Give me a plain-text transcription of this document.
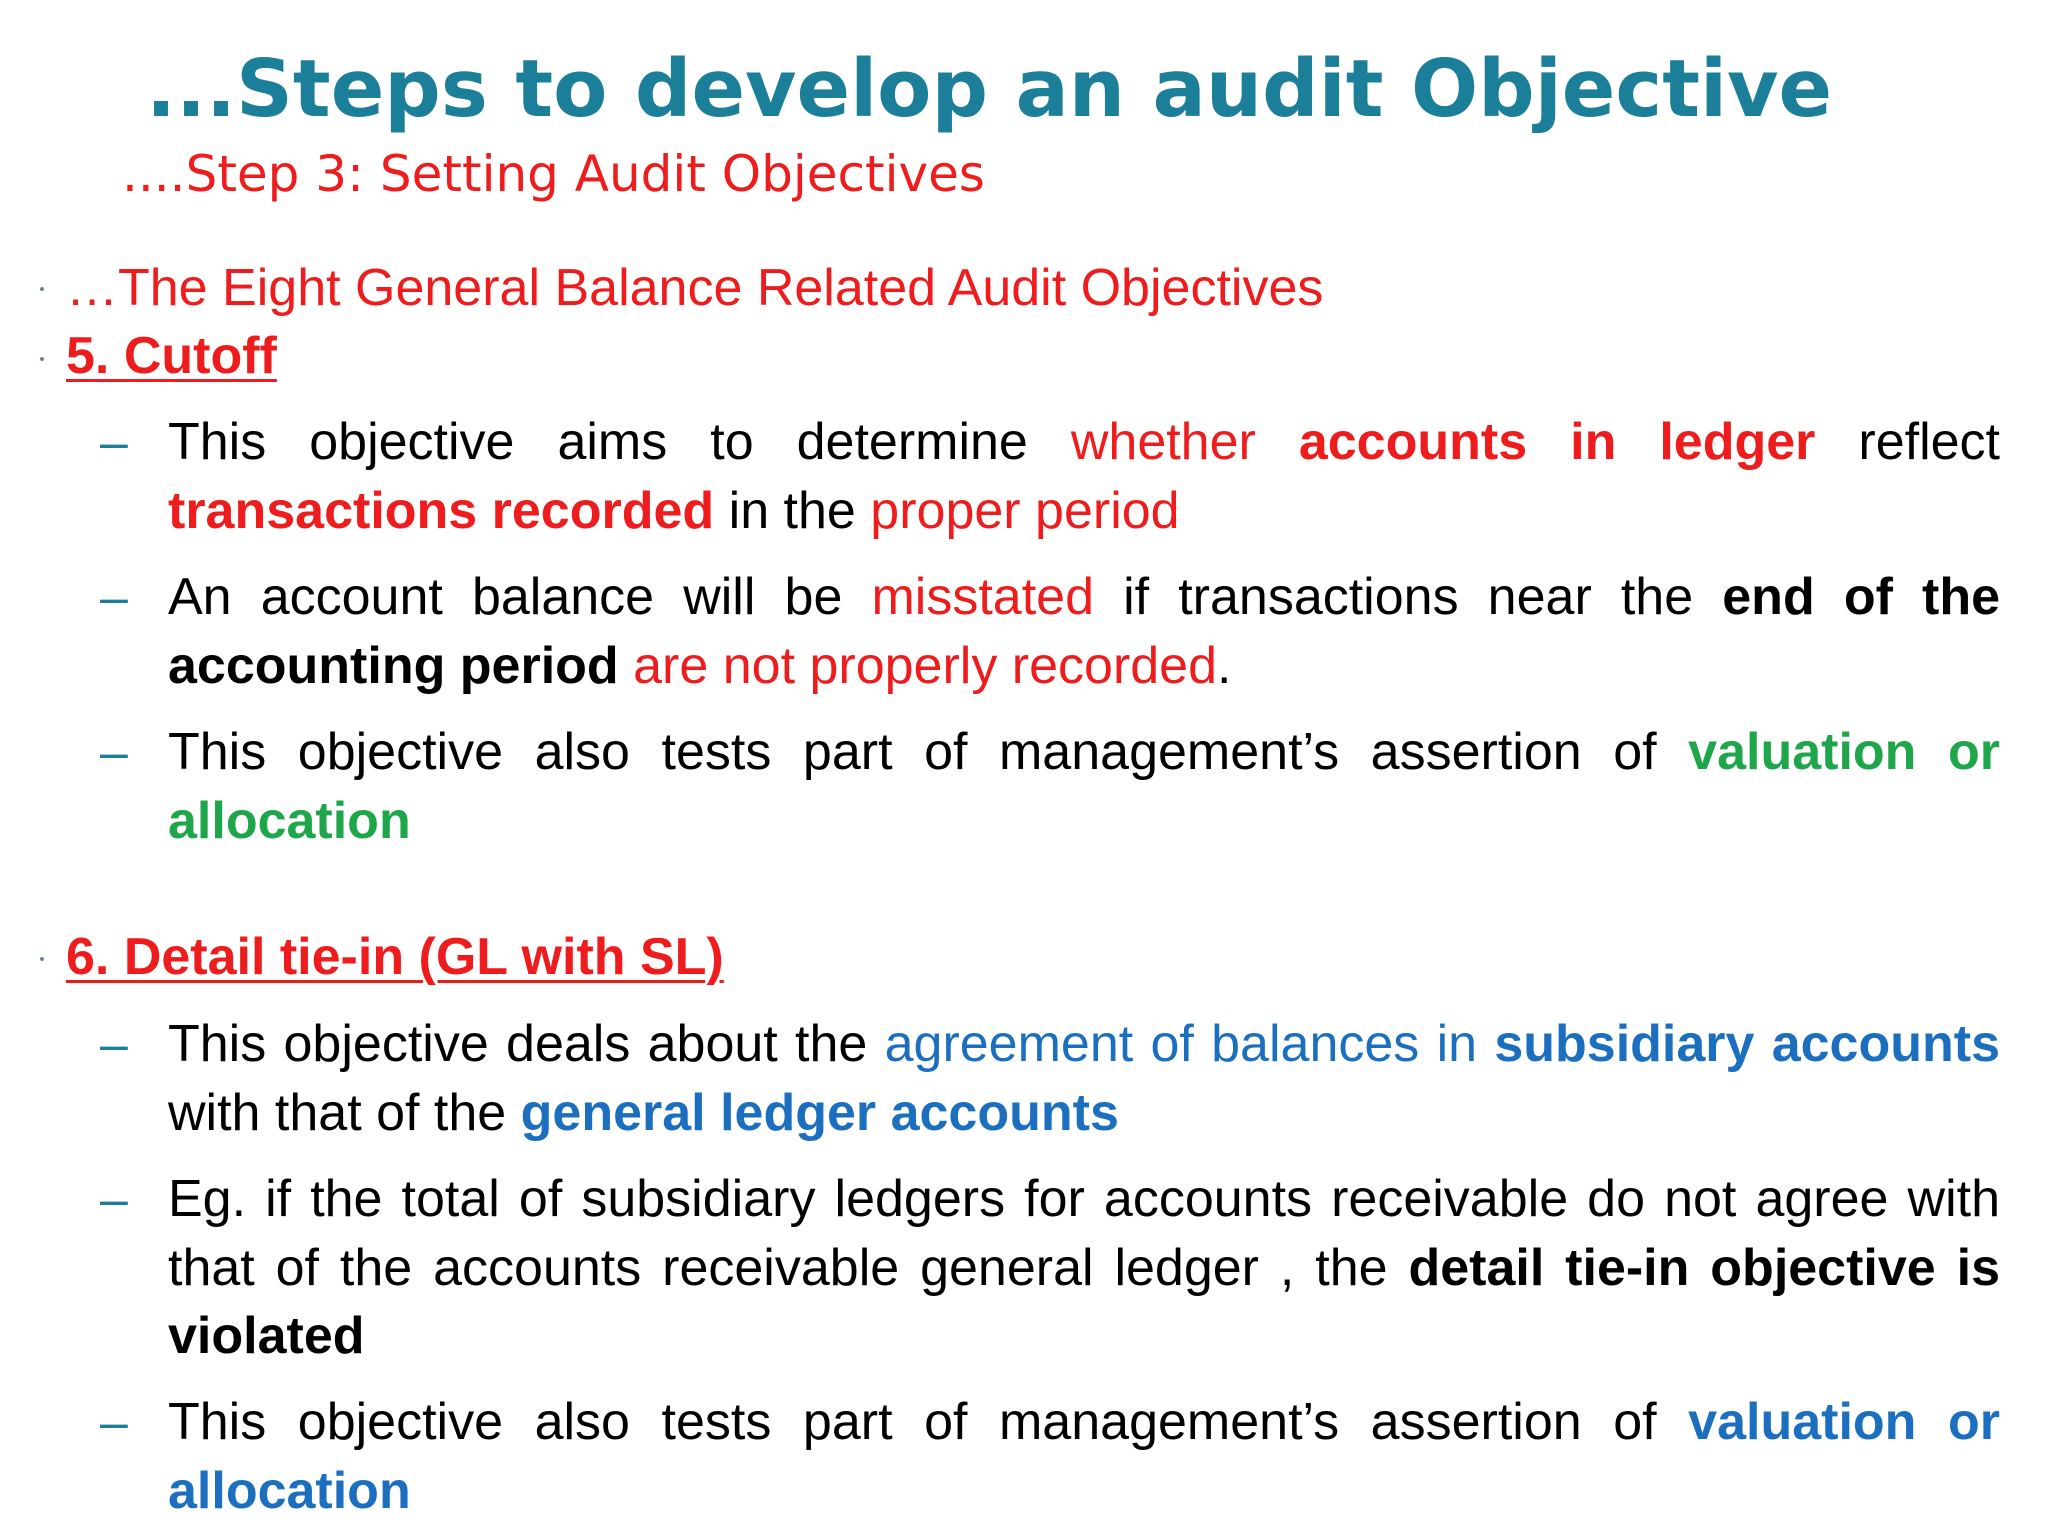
...Steps to develop an audit Objective
....Step 3: Setting Audit Objectives
…The Eight General Balance Related Audit Objectives
5. Cutoff
– This objective aims to determine whether accounts in ledger reflect transactions recorded in the proper period
– An account balance will be misstated if transactions near the end of the accounting period are not properly recorded.
– This objective also tests part of management’s assertion of valuation or allocation
6. Detail tie-in (GL with SL)
– This objective deals about the agreement of balances in subsidiary accounts with that of the general ledger accounts
– Eg. if the total of subsidiary ledgers for accounts receivable do not agree with that of the accounts receivable general ledger , the detail tie-in objective is violated
– This objective also tests part of management’s assertion of valuation or allocation
